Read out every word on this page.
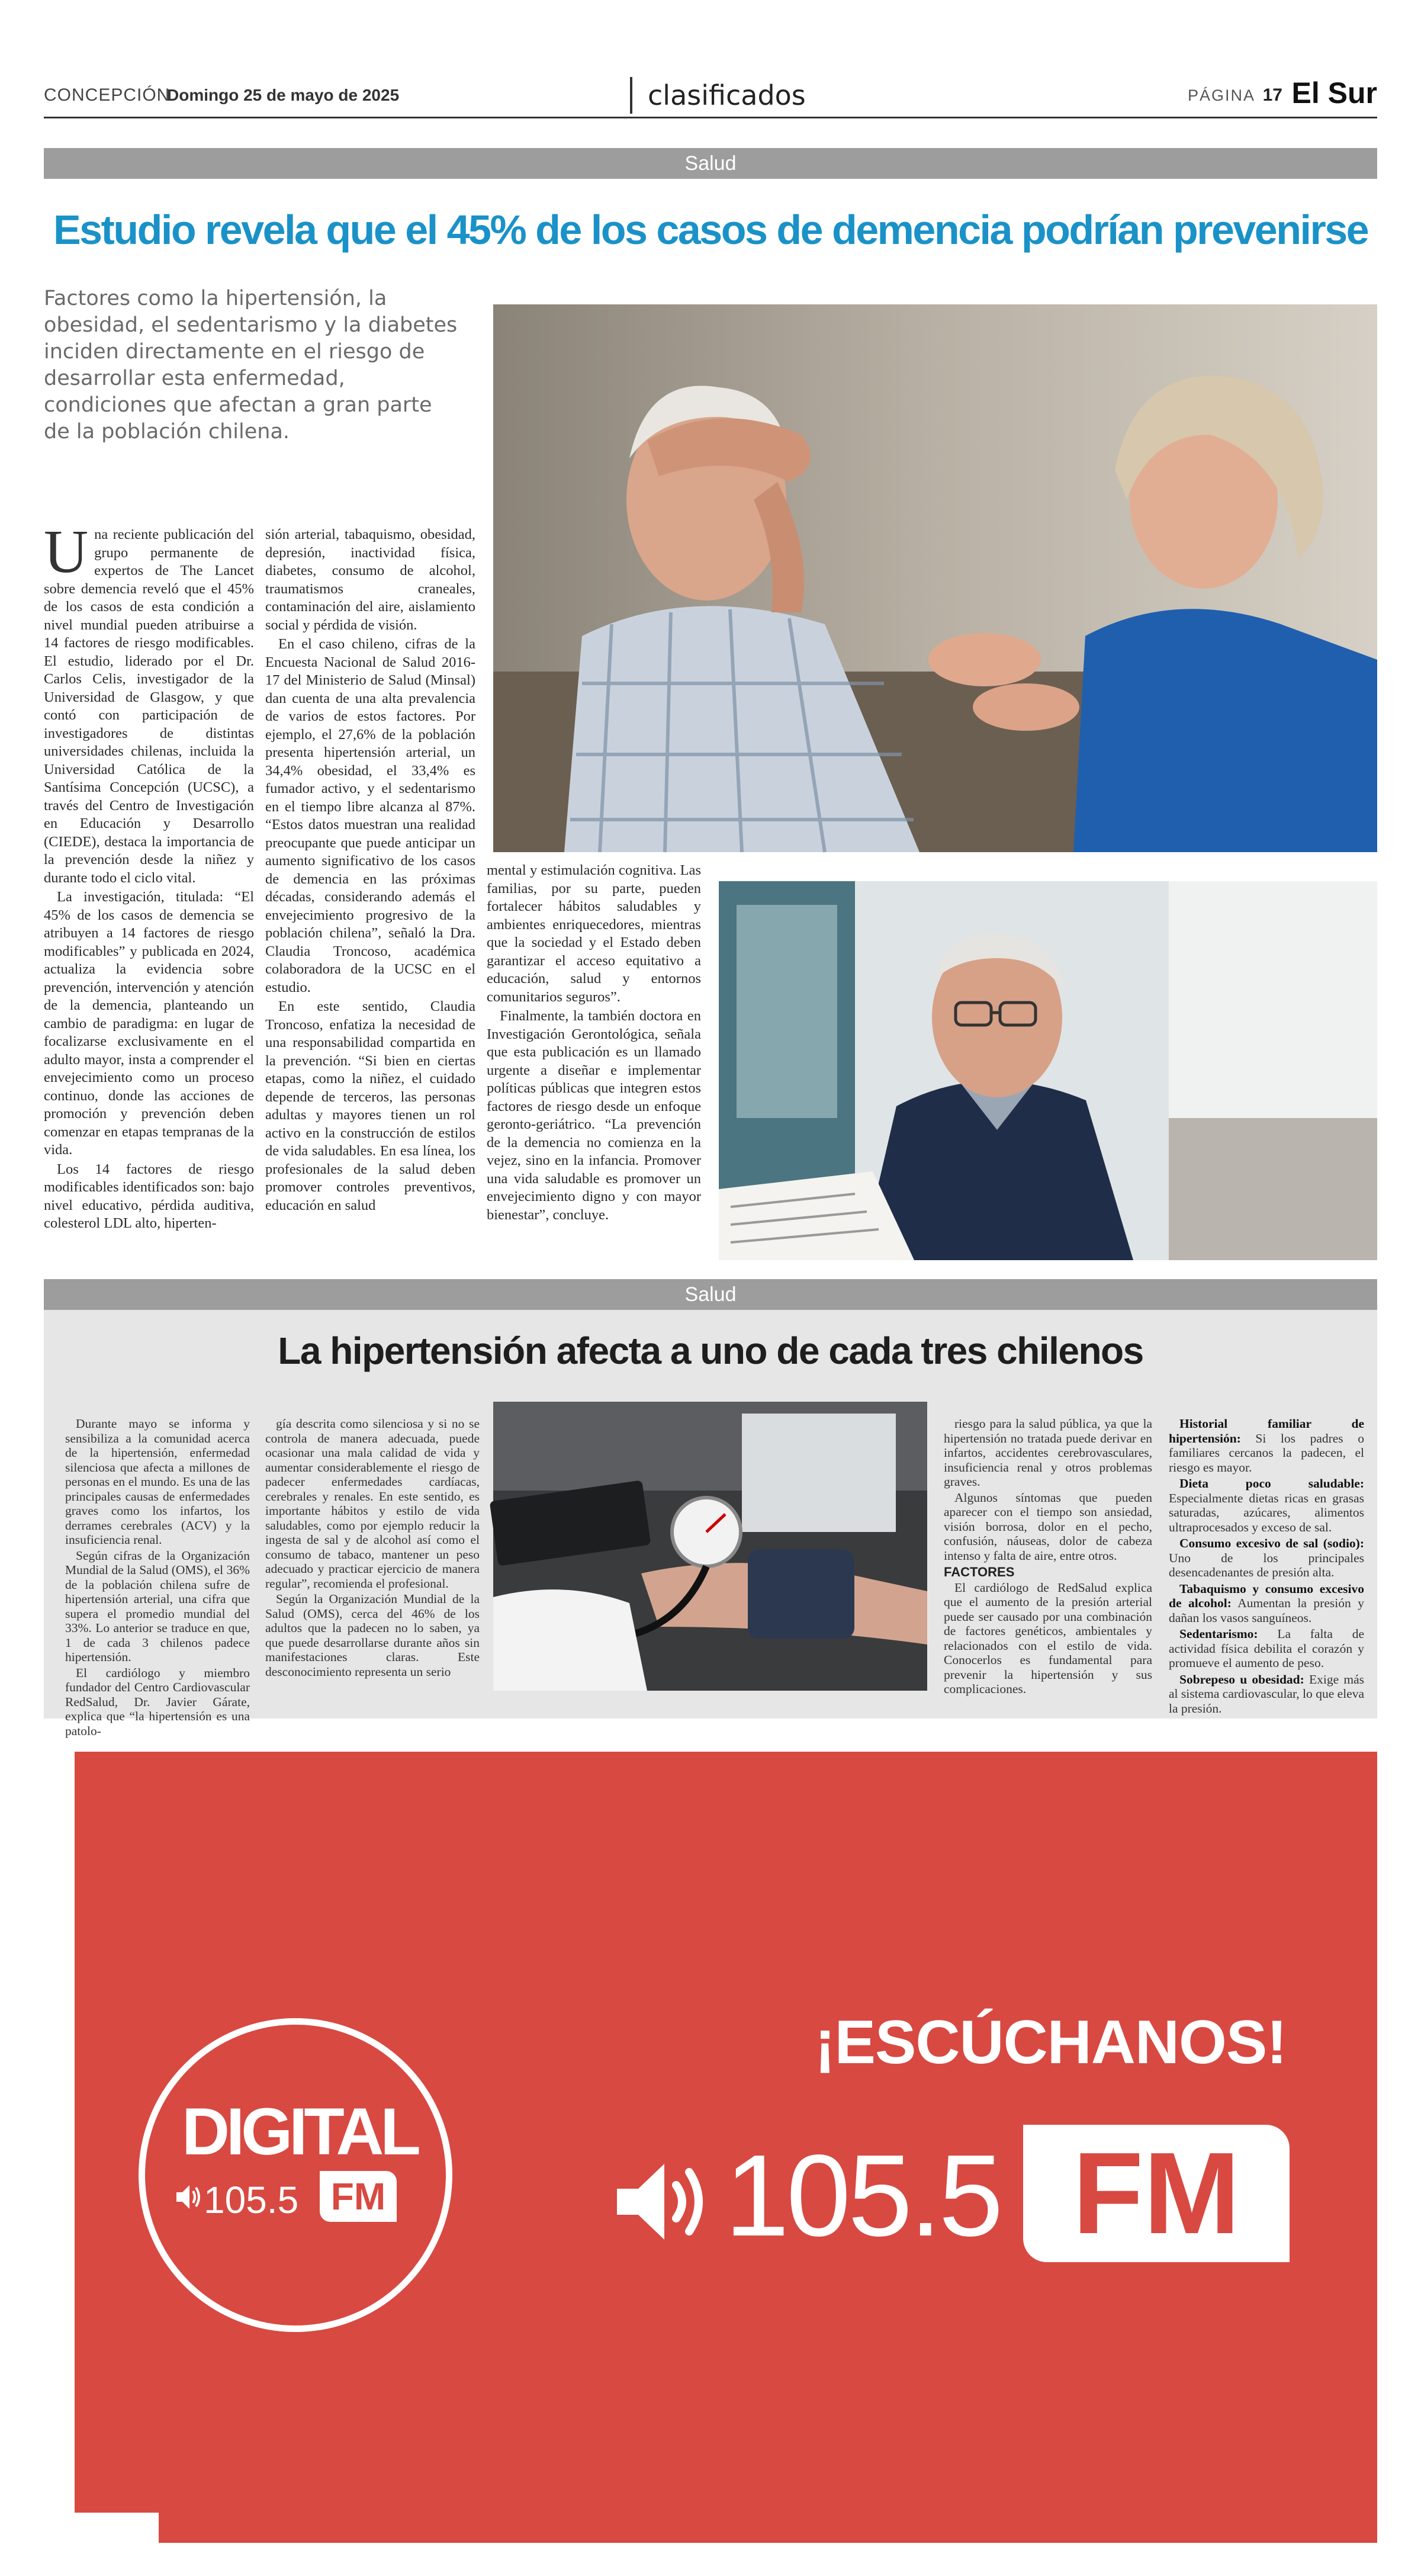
CONCEPCIÓN
Domingo 25 de mayo de 2025	clasificados	PÁGINA 17 El Sur
Salud
Estudio revela que el 45% de los casos de demencia podrían prevenirse

Factores como la hipertensión, la obesidad, el sedentarismo y la diabetes inciden directamente en el riesgo de desarrollar esta enfermedad, condiciones que afectan a gran parte de la población chilena.

Una reciente publicación del grupo permanente de expertos de The Lancet sobre demencia reveló que el 45% de los casos de esta condición a nivel mundial pueden atribuirse a 14 factores de riesgo modificables. El estudio, liderado por el Dr. Carlos Celis, investigador de la Universidad de Glasgow, y que contó con participación de investigadores de distintas universidades chilenas, incluida la Universidad Católica de la Santísima Concepción (UCSC), a través del Centro de Investigación en Educación y Desarrollo (CIEDE), destaca la importancia de la prevención desde la niñez y durante todo el ciclo vital.

La investigación, titulada: “El 45% de los casos de demencia se atribuyen a 14 factores de riesgo modificables” y publicada en 2024, actualiza la evidencia sobre prevención, intervención y atención de la demencia, planteando un cambio de paradigma: en lugar de focalizarse exclusivamente en el adulto mayor, insta a comprender el envejecimiento como un proceso continuo, donde las acciones de promoción y prevención deben comenzar en etapas tempranas de la vida.

Los 14 factores de riesgo modificables identificados son: bajo nivel educativo, pérdida auditiva, colesterol LDL alto, hiperten-

sión arterial, tabaquismo, obesidad, depresión, inactividad física, diabetes, consumo de alcohol, traumatismos craneales, contaminación del aire, aislamiento social y pérdida de visión.

En el caso chileno, cifras de la Encuesta Nacional de Salud 2016-17 del Ministerio de Salud (Minsal) dan cuenta de una alta prevalencia de varios de estos factores. Por ejemplo, el 27,6% de la población presenta hipertensión arterial, un 34,4% obesidad, el 33,4% es fumador activo, y el sedentarismo en el tiempo libre alcanza al 87%. “Estos datos muestran una realidad preocupante que puede anticipar un aumento significativo de los casos de demencia en las próximas décadas, considerando además el envejecimiento progresivo de la población chilena”, señaló la Dra. Claudia Troncoso, académica colaboradora de la UCSC en el estudio.

En este sentido, Claudia Troncoso, enfatiza la necesidad de una responsabilidad compartida en la prevención. “Si bien en ciertas etapas, como la niñez, el cuidado depende de terceros, las personas adultas y mayores tienen un rol activo en la construcción de estilos de vida saludables. En esa línea, los profesionales de la salud deben promover controles preventivos, educación en salud

mental y estimulación cognitiva. Las familias, por su parte, pueden fortalecer hábitos saludables y ambientes enriquecedores, mientras que la sociedad y el Estado deben garantizar el acceso equitativo a educación, salud y entornos comunitarios seguros”.

Finalmente, la también doctora en Investigación Gerontológica, señala que esta publicación es un llamado urgente a diseñar e implementar políticas públicas que integren estos factores de riesgo desde un enfoque geronto-geriátrico. “La prevención de la demencia no comienza en la vejez, sino en la infancia. Promover una vida saludable es promover un envejecimiento digno y con mayor bienestar”, concluye.

Salud
La hipertensión afecta a uno de cada tres chilenos

Durante mayo se informa y sensibiliza a la comunidad acerca de la hipertensión, enfermedad silenciosa que afecta a millones de personas en el mundo. Es una de las principales causas de enfermedades graves como los infartos, los derrames cerebrales (ACV) y la insuficiencia renal.

Según cifras de la Organización Mundial de la Salud (OMS), el 36% de la población chilena sufre de hipertensión arterial, una cifra que supera el promedio mundial del 33%. Lo anterior se traduce en que, 1 de cada 3 chilenos padece hipertensión.

El cardiólogo y miembro fundador del Centro Cardiovascular RedSalud, Dr. Javier Gárate, explica que “la hipertensión es una patolo-

gía descrita como silenciosa y si no se controla de manera adecuada, puede ocasionar una mala calidad de vida y aumentar considerablemente el riesgo de padecer enfermedades cardíacas, cerebrales y renales. En este sentido, es importante hábitos y estilo de vida saludables, como por ejemplo reducir la ingesta de sal y de alcohol así como el consumo de tabaco, mantener un peso adecuado y practicar ejercicio de manera regular”, recomienda el profesional.

Según la Organización Mundial de la Salud (OMS), cerca del 46% de los adultos que la padecen no lo saben, ya que puede desarrollarse durante años sin manifestaciones claras. Este desconocimiento representa un serio

riesgo para la salud pública, ya que la hipertensión no tratada puede derivar en infartos, accidentes cerebrovasculares, insuficiencia renal y otros problemas graves.

Algunos síntomas que pueden aparecer con el tiempo son ansiedad, visión borrosa, dolor en el pecho, confusión, náuseas, dolor de cabeza intenso y falta de aire, entre otros.

FACTORES

El cardiólogo de RedSalud explica que el aumento de la presión arterial puede ser causado por una combinación de factores genéticos, ambientales y relacionados con el estilo de vida. Conocerlos es fundamental para prevenir la hipertensión y sus complicaciones.

Historial familiar de hipertensión: Si los padres o familiares cercanos la padecen, el riesgo es mayor.

Dieta poco saludable: Especialmente dietas ricas en grasas saturadas, azúcares, alimentos ultraprocesados y exceso de sal.

Consumo excesivo de sal (sodio): Uno de los principales desencadenantes de presión alta.

Tabaquismo y consumo excesivo de alcohol: Aumentan la presión y dañan los vasos sanguíneos.

Sedentarismo: La falta de actividad física debilita el corazón y promueve el aumento de peso.

Sobrepeso u obesidad: Exige más al sistema cardiovascular, lo que eleva la presión.

DIGITAL
105.5 FM
¡ESCÚCHANOS!
105.5 FM
